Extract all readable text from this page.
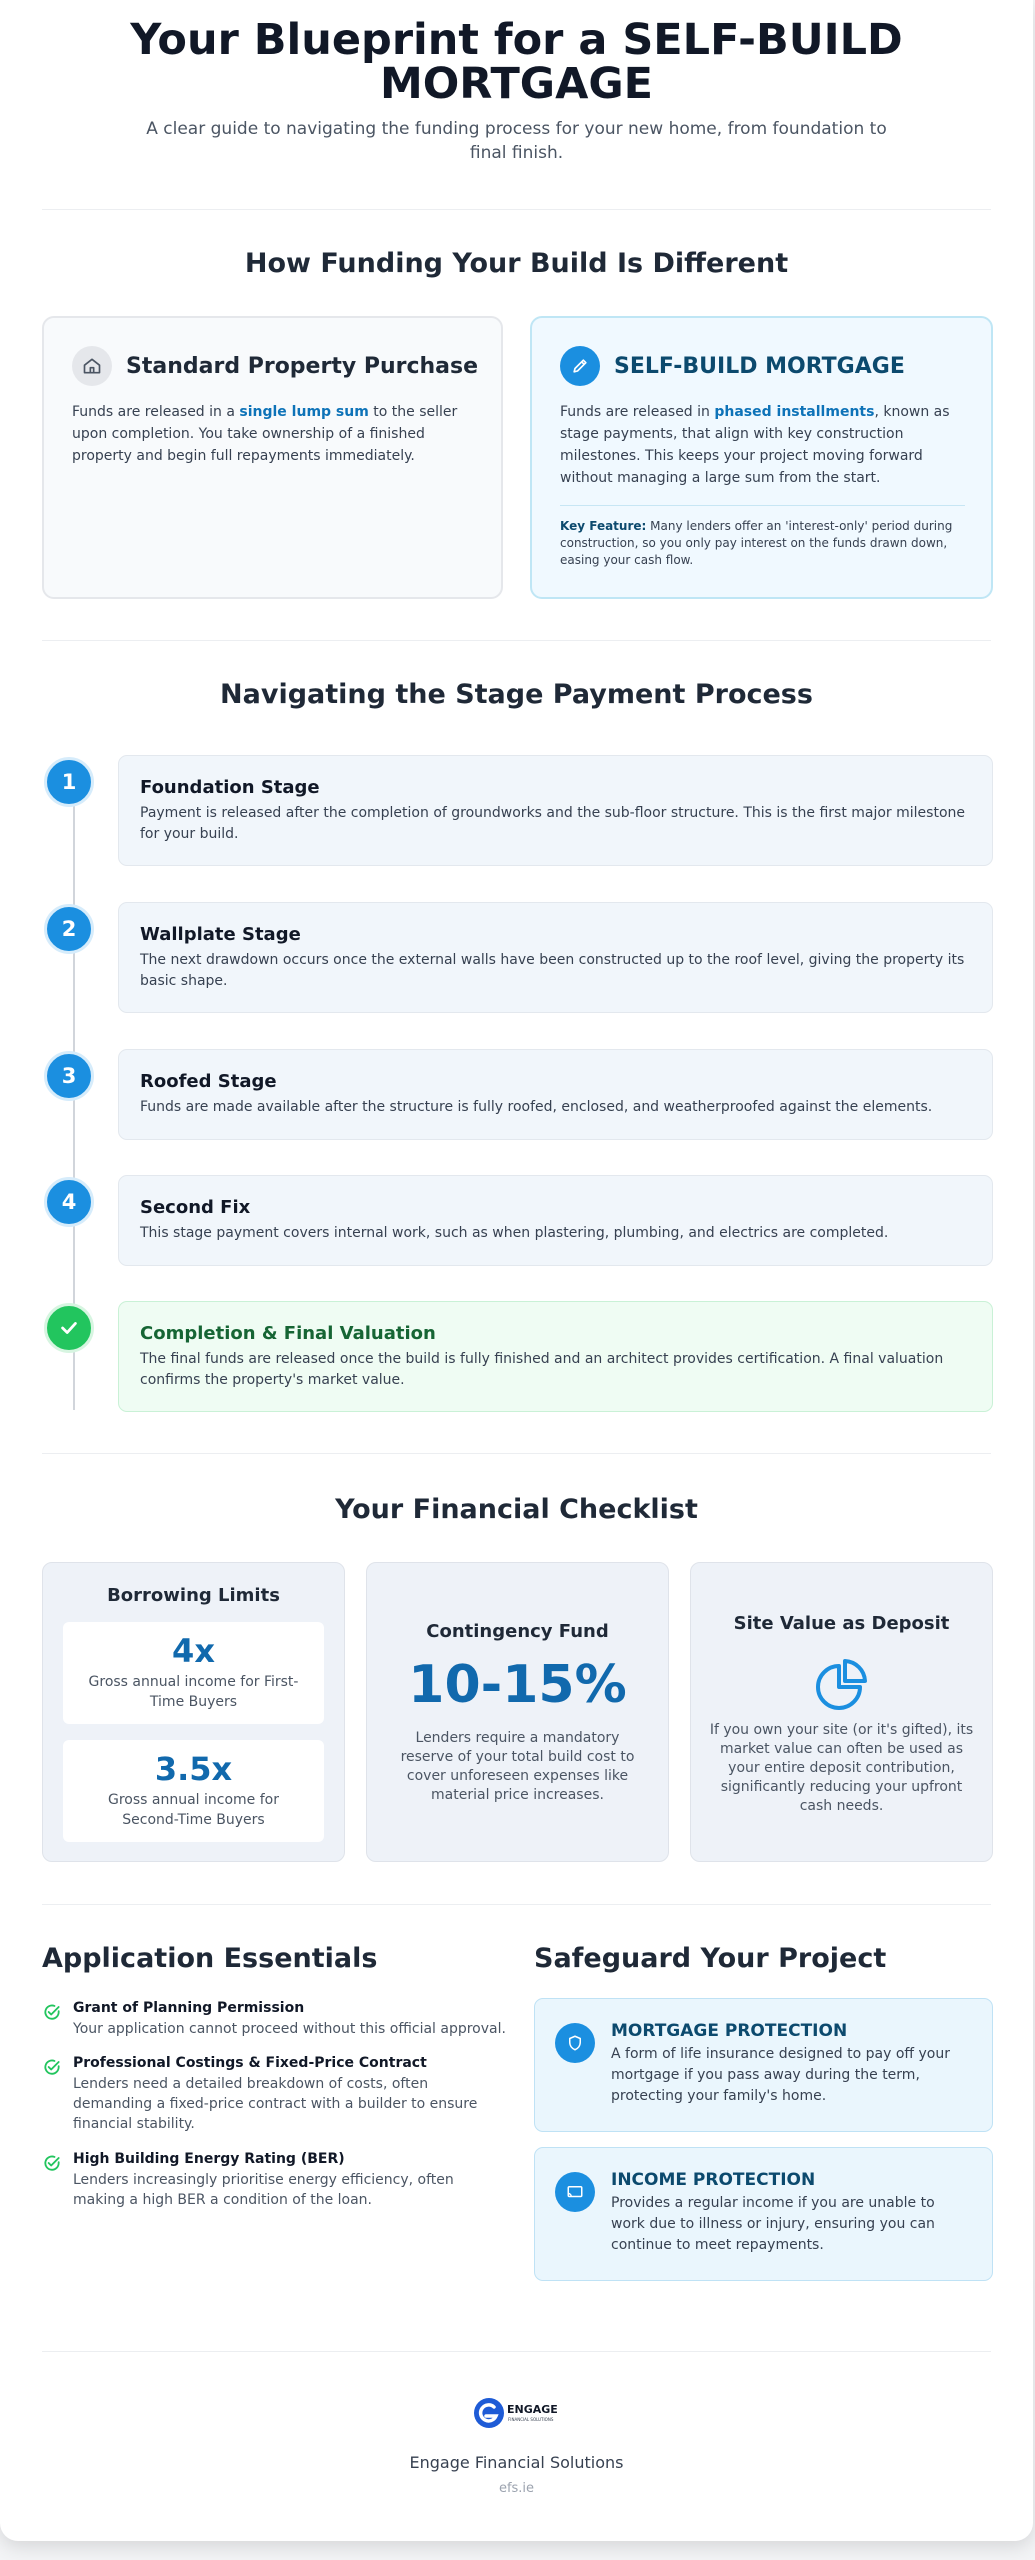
Your Blueprint for a SELF-BUILD MORTGAGE

A clear guide to navigating the funding process for your new home, from foundation to final finish.

How Funding Your Build Is Different
Standard Property Purchase

Funds are released in a single lump sum to the seller upon completion. You take ownership of a finished property and begin full repayments immediately.

SELF-BUILD MORTGAGE

Funds are released in phased installments, known as stage payments, that align with key construction milestones. This keeps your project moving forward without managing a large sum from the start.

Key Feature: Many lenders offer an 'interest-only' period during construction, so you only pay interest on the funds drawn down, easing your cash flow.

Navigating the Stage Payment Process
1	Foundation Stage

Payment is released after the completion of groundworks and the sub-floor structure. This is the first major milestone for your build.

2	Wallplate Stage

The next drawdown occurs once the external walls have been constructed up to the roof level, giving the property its basic shape.

3	Roofed Stage

Funds are made available after the structure is fully roofed, enclosed, and weatherproofed against the elements.

4	Second Fix

This stage payment covers internal work, such as when plastering, plumbing, and electrics are completed.

Completion & Final Valuation

The final funds are released once the build is fully finished and an architect provides certification. A final valuation confirms the property's market value.

Your Financial Checklist
Borrowing Limits
4x

Gross annual income for First-Time Buyers

3.5x

Gross annual income for Second-Time Buyers

Contingency Fund
10-15%

Lenders require a mandatory reserve of your total build cost to cover unforeseen expenses like material price increases.

Site Value as Deposit

If you own your site (or it's gifted), its market value can often be used as your entire deposit contribution, significantly reducing your upfront cash needs.

Application Essentials
Grant of Planning Permission

Your application cannot proceed without this official approval.

Professional Costings & Fixed-Price Contract

Lenders need a detailed breakdown of costs, often demanding a fixed-price contract with a builder to ensure financial stability.

High Building Energy Rating (BER)

Lenders increasingly prioritise energy efficiency, often making a high BER a condition of the loan.

Safeguard Your Project
MORTGAGE PROTECTION

A form of life insurance designed to pay off your mortgage if you pass away during the term, protecting your family's home.

INCOME PROTECTION

Provides a regular income if you are unable to work due to illness or injury, ensuring you can continue to meet repayments.

ENGAGE
FINANCIAL SOLUTIONS
Engage Financial Solutions
efs.ie
